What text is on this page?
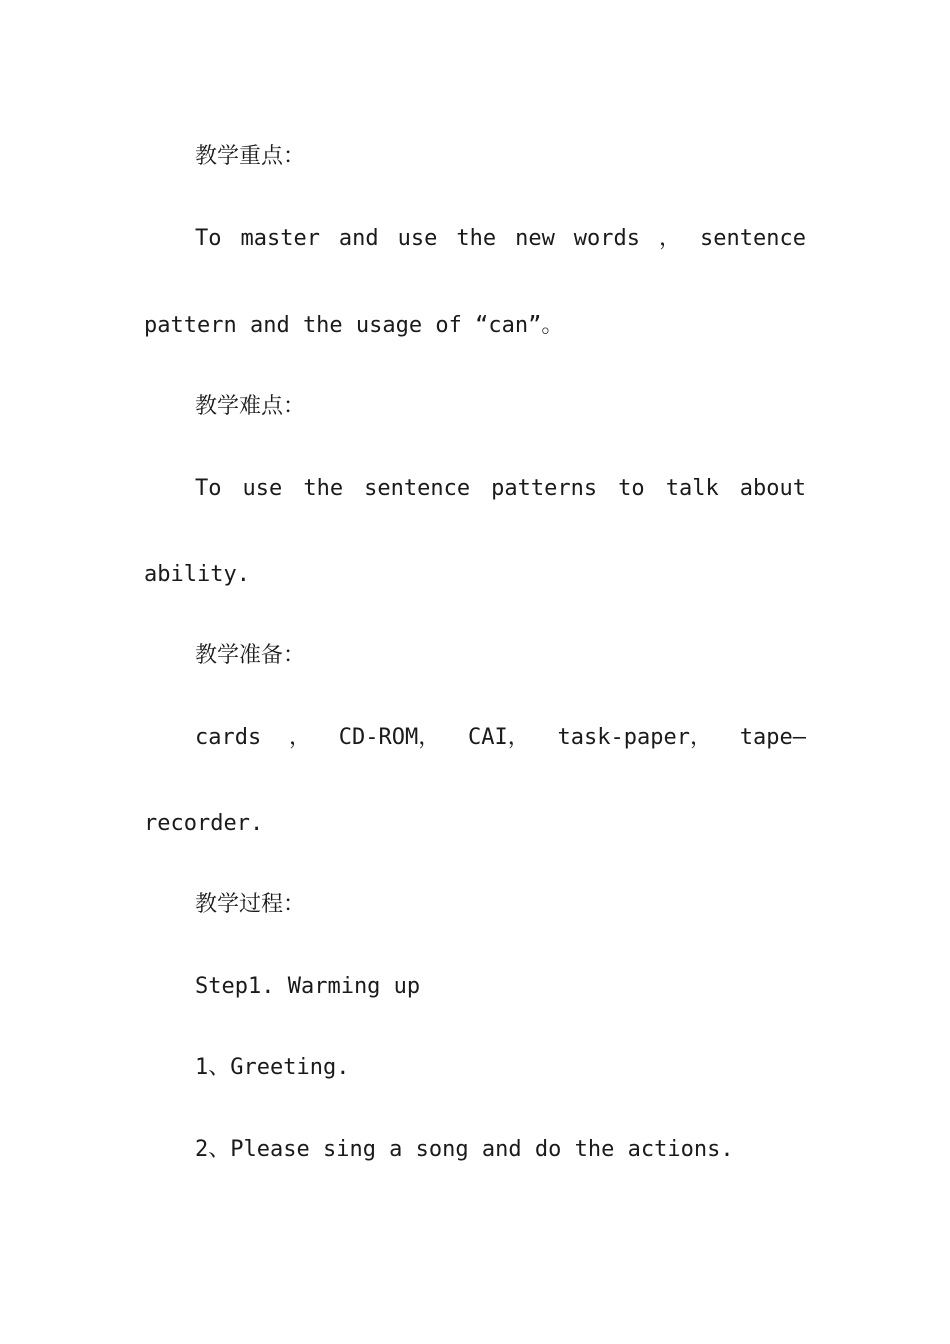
教学重点：
To master and use the new words ， sentence
pattern and the usage of “can”。
教学难点：
To use the sentence patterns to talk about
ability.
教学准备：
cards ， CD-ROM， CAI， task-paper， tape—
recorder.
教学过程：
Step1. Warming up
1、Greeting.
2、Please sing a song and do the actions.
